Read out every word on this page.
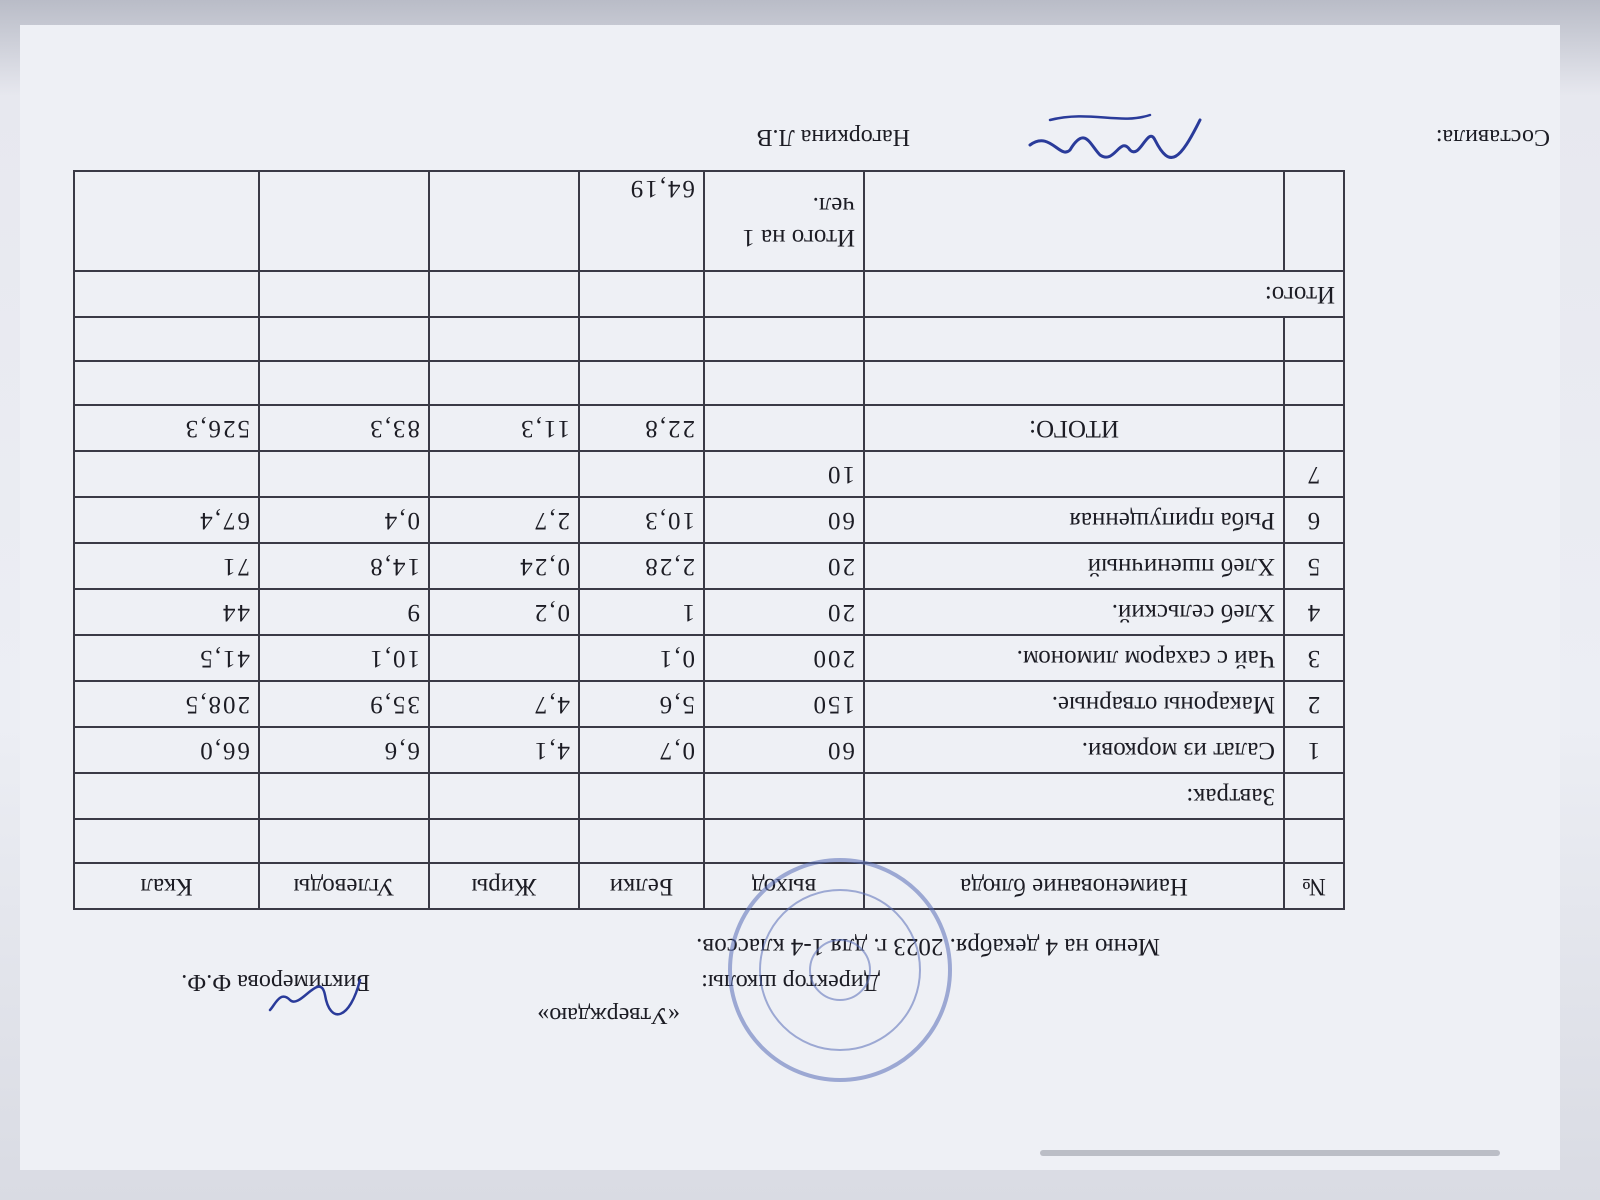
«Утверждаю»
Директор школы:Биктимерова Ф.Ф.
Меню на 4 декабря. 2023 г. для 1-4 классов.
№	Наименование блюда	выход	Белки	Жиры	Углеводы	Ккал

	Завтрак:					
1	Салат из моркови.	60	0,7	4,1	6,6	66,0
2	Макароны отварные.	150	5,6	4,7	35,9	208,5
3	Чай с сахаром лимоном.	200	0,1		10,1	41,5
4	Хлеб сельский.	20	1	0,2	9	44
5	Хлеб пшеничный	20	2,28	0,24	14,8	71
6	Рыба припущенная	60	10,3	2,7	0,4	67,4
7		10				
	ИТОГО:		22,8	11,3	83,3	526,3

Итого:						
		Итого на 1 чел.	64,19			
Составила:
Нагоркина Л.В
